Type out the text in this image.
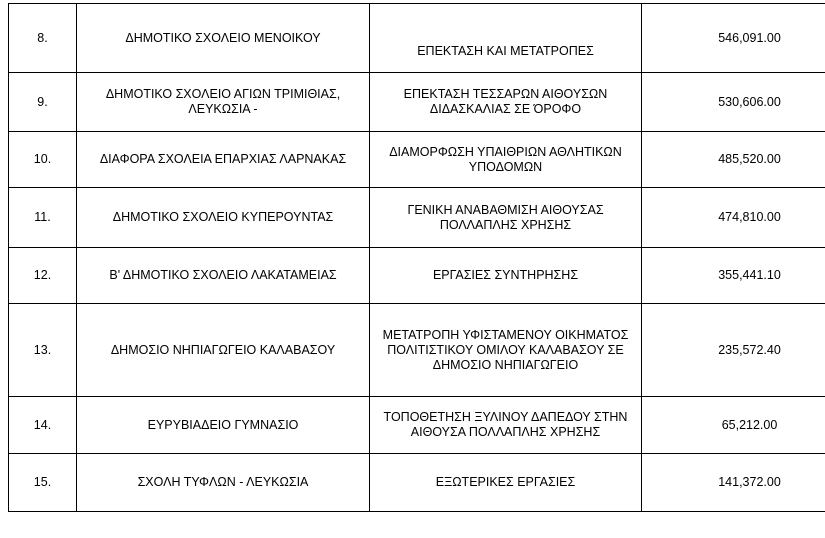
8.	ΔΗΜΟΤΙΚΟ ΣΧΟΛΕΙΟ ΜΕΝΟΙΚΟΥ	ΕΠΕΚΤΑΣΗ ΚΑΙ ΜΕΤΑΤΡΟΠΕΣ	546,091.00
9.	ΔΗΜΟΤΙΚΟ ΣΧΟΛΕΙΟ ΑΓΙΩΝ ΤΡΙΜΙΘΙΑΣ, ΛΕΥΚΩΣΙΑ -	ΕΠΕΚΤΑΣΗ ΤΕΣΣΑΡΩΝ ΑΙΘΟΥΣΩΝ ΔΙΔΑΣΚΑΛΙΑΣ ΣΕ ΌΡΟΦΟ	530,606.00
10.	ΔΙΑΦΟΡΑ ΣΧΟΛΕΙΑ ΕΠΑΡΧΙΑΣ ΛΑΡΝΑΚΑΣ	ΔΙΑΜΟΡΦΩΣΗ ΥΠΑΙΘΡΙΩΝ ΑΘΛΗΤΙΚΩΝ ΥΠΟΔΟΜΩΝ	485,520.00
11.	ΔΗΜΟΤΙΚΟ ΣΧΟΛΕΙΟ ΚΥΠΕΡΟΥΝΤΑΣ	ΓΕΝΙΚΗ ΑΝΑΒΑΘΜΙΣΗ ΑΙΘΟΥΣΑΣ ΠΟΛΛΑΠΛΗΣ ΧΡΗΣΗΣ	474,810.00
12.	Β' ΔΗΜΟΤΙΚΟ ΣΧΟΛΕΙΟ ΛΑΚΑΤΑΜΕΙΑΣ	ΕΡΓΑΣΙΕΣ ΣΥΝΤΗΡΗΣΗΣ	355,441.10
13.	ΔΗΜΟΣΙΟ ΝΗΠΙΑΓΩΓΕΙΟ ΚΑΛΑΒΑΣΟΥ	ΜΕΤΑΤΡΟΠΗ ΥΦΙΣΤΑΜΕΝΟΥ ΟΙΚΗΜΑΤΟΣ ΠΟΛΙΤΙΣΤΙΚΟΥ ΟΜΙΛΟΥ ΚΑΛΑΒΑΣΟΥ ΣΕ ΔΗΜΟΣΙΟ ΝΗΠΙΑΓΩΓΕΙΟ	235,572.40
14.	ΕΥΡΥΒΙΑΔΕΙΟ ΓΥΜΝΑΣΙΟ	ΤΟΠΟΘΕΤΗΣΗ ΞΥΛΙΝΟΥ ΔΑΠΕΔΟΥ ΣΤΗΝ ΑΙΘΟΥΣΑ ΠΟΛΛΑΠΛΗΣ ΧΡΗΣΗΣ	65,212.00
15.	ΣΧΟΛΗ ΤΥΦΛΩΝ - ΛΕΥΚΩΣΙΑ	ΕΞΩΤΕΡΙΚΕΣ ΕΡΓΑΣΙΕΣ	141,372.00
